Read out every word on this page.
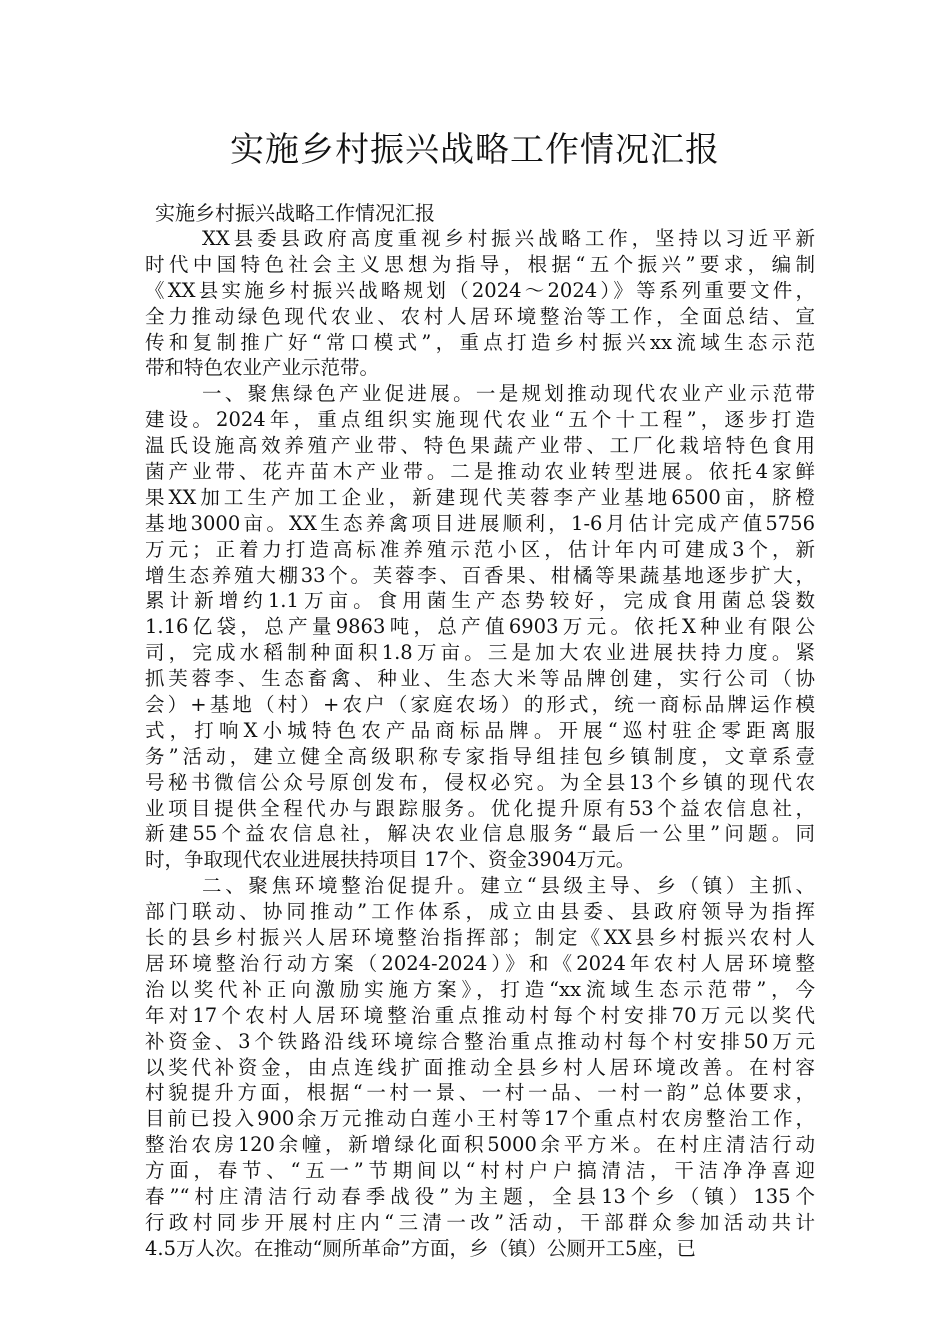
实施乡村振兴战略工作情况汇报

实施乡村振兴战略工作情况汇报

XX县委县政府高度重视乡村振兴战略工作，坚持以习近平新
时代中国特色社会主义思想为指导，根据“五个振兴”要求，编制
《XX县实施乡村振兴战略规划（2024～2024）》等系列重要文件，
全力推动绿色现代农业、农村人居环境整治等工作，全面总结、宣
传和复制推广好“常口模式”，重点打造乡村振兴xx流域生态示范
带和特色农业产业示范带。
一、聚焦绿色产业促进展。一是规划推动现代农业产业示范带
建设。2024年，重点组织实施现代农业“五个十工程”，逐步打造
温氏设施高效养殖产业带、特色果蔬产业带、工厂化栽培特色食用
菌产业带、花卉苗木产业带。二是推动农业转型进展。依托4家鲜
果XX加工生产加工企业，新建现代芙蓉李产业基地6500亩，脐橙
基地3000亩。XX生态养禽项目进展顺利，1-6月估计完成产值5756
万元；正着力打造高标准养殖示范小区，估计年内可建成3个，新
增生态养殖大棚33个。芙蓉李、百香果、柑橘等果蔬基地逐步扩大，
累计新增约1.1万亩。食用菌生产态势较好，完成食用菌总袋数
1.16亿袋，总产量9863吨，总产值6903万元。依托X种业有限公
司，完成水稻制种面积1.8万亩。三是加大农业进展扶持力度。紧
抓芙蓉李、生态畜禽、种业、生态大米等品牌创建，实行公司（协
会）+基地（村）+农户（家庭农场）的形式，统一商标品牌运作模
式，打响X小城特色农产品商标品牌。开展“巡村驻企零距离服
务”活动，建立健全高级职称专家指导组挂包乡镇制度，文章系壹
号秘书微信公众号原创发布，侵权必究。为全县13个乡镇的现代农
业项目提供全程代办与跟踪服务。优化提升原有53个益农信息社，
新建55个益农信息社，解决农业信息服务“最后一公里”问题。同
时，争取现代农业进展扶持项目 17个、资金3904万元。
二、聚焦环境整治促提升。建立“县级主导、乡（镇）主抓、
部门联动、协同推动”工作体系，成立由县委、县政府领导为指挥
长的县乡村振兴人居环境整治指挥部；制定《XX县乡村振兴农村人
居环境整治行动方案（2024-2024）》和《2024年农村人居环境整
治以奖代补正向激励实施方案》，打造“xx流域生态示范带”，今
年对17个农村人居环境整治重点推动村每个村安排70万元以奖代
补资金、3个铁路沿线环境综合整治重点推动村每个村安排50万元
以奖代补资金，由点连线扩面推动全县乡村人居环境改善。在村容
村貌提升方面，根据“一村一景、一村一品、一村一韵”总体要求，
目前已投入900余万元推动白莲小王村等17个重点村农房整治工作，
整治农房120余幢，新增绿化面积5000余平方米。在村庄清洁行动
方面，春节、“五一”节期间以“村村户户搞清洁，干洁净净喜迎
春”“村庄清洁行动春季战役”为主题，全县13个乡（镇）135个
行政村同步开展村庄内“三清一改”活动，干部群众参加活动共计
4.5万人次。在推动“厕所革命”方面，乡（镇）公厕开工5座，已
